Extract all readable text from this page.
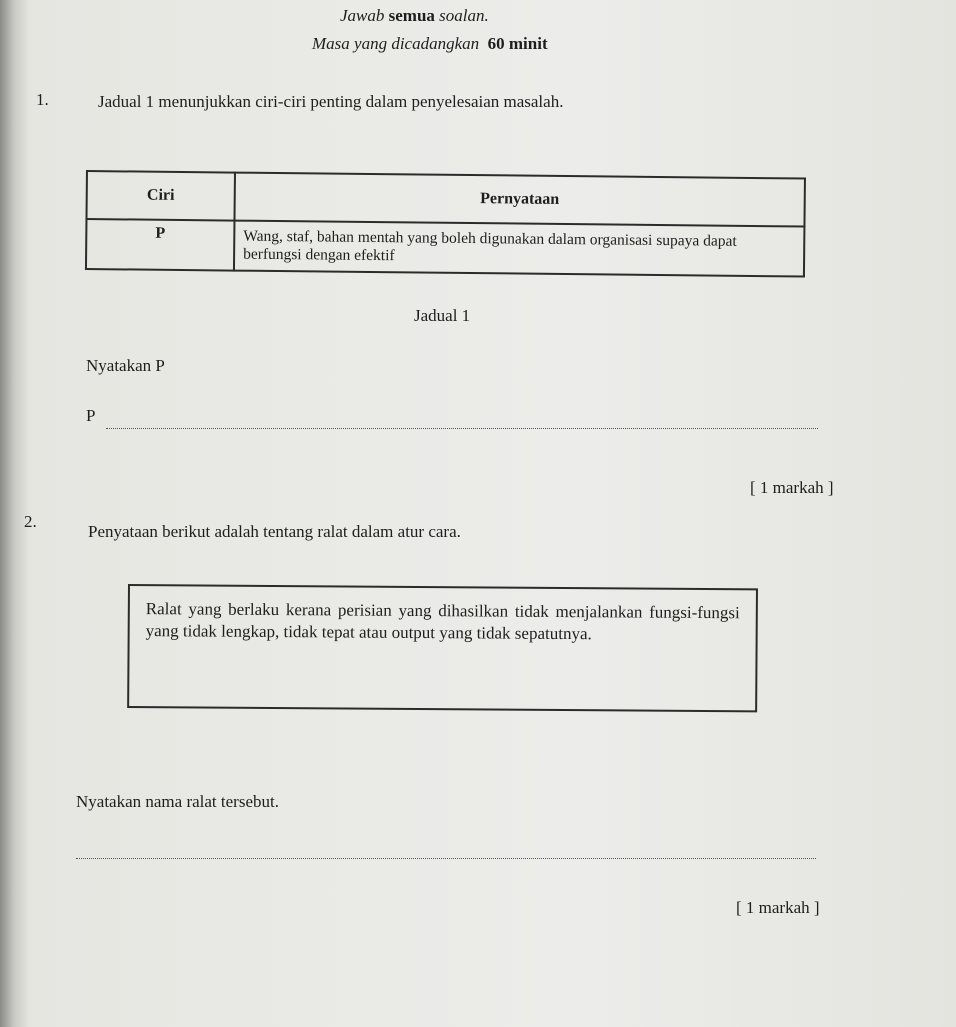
Jawab semua soalan.
Masa yang dicadangkan 60 minit
1.	Jadual 1 menunjukkan ciri-ciri penting dalam penyelesaian masalah.
Ciri	Pernyataan
P	Wang, staf, bahan mentah yang boleh digunakan dalam organisasi supaya dapat berfungsi dengan efektif
Jadual 1
Nyatakan P
P
[ 1 markah ]
2.
Penyataan berikut adalah tentang ralat dalam atur cara.
Ralat yang berlaku kerana perisian yang dihasilkan tidak menjalankan fungsi-fungsi yang tidak lengkap, tidak tepat atau output yang tidak sepatutnya.
Nyatakan nama ralat tersebut.
[ 1 markah ]
